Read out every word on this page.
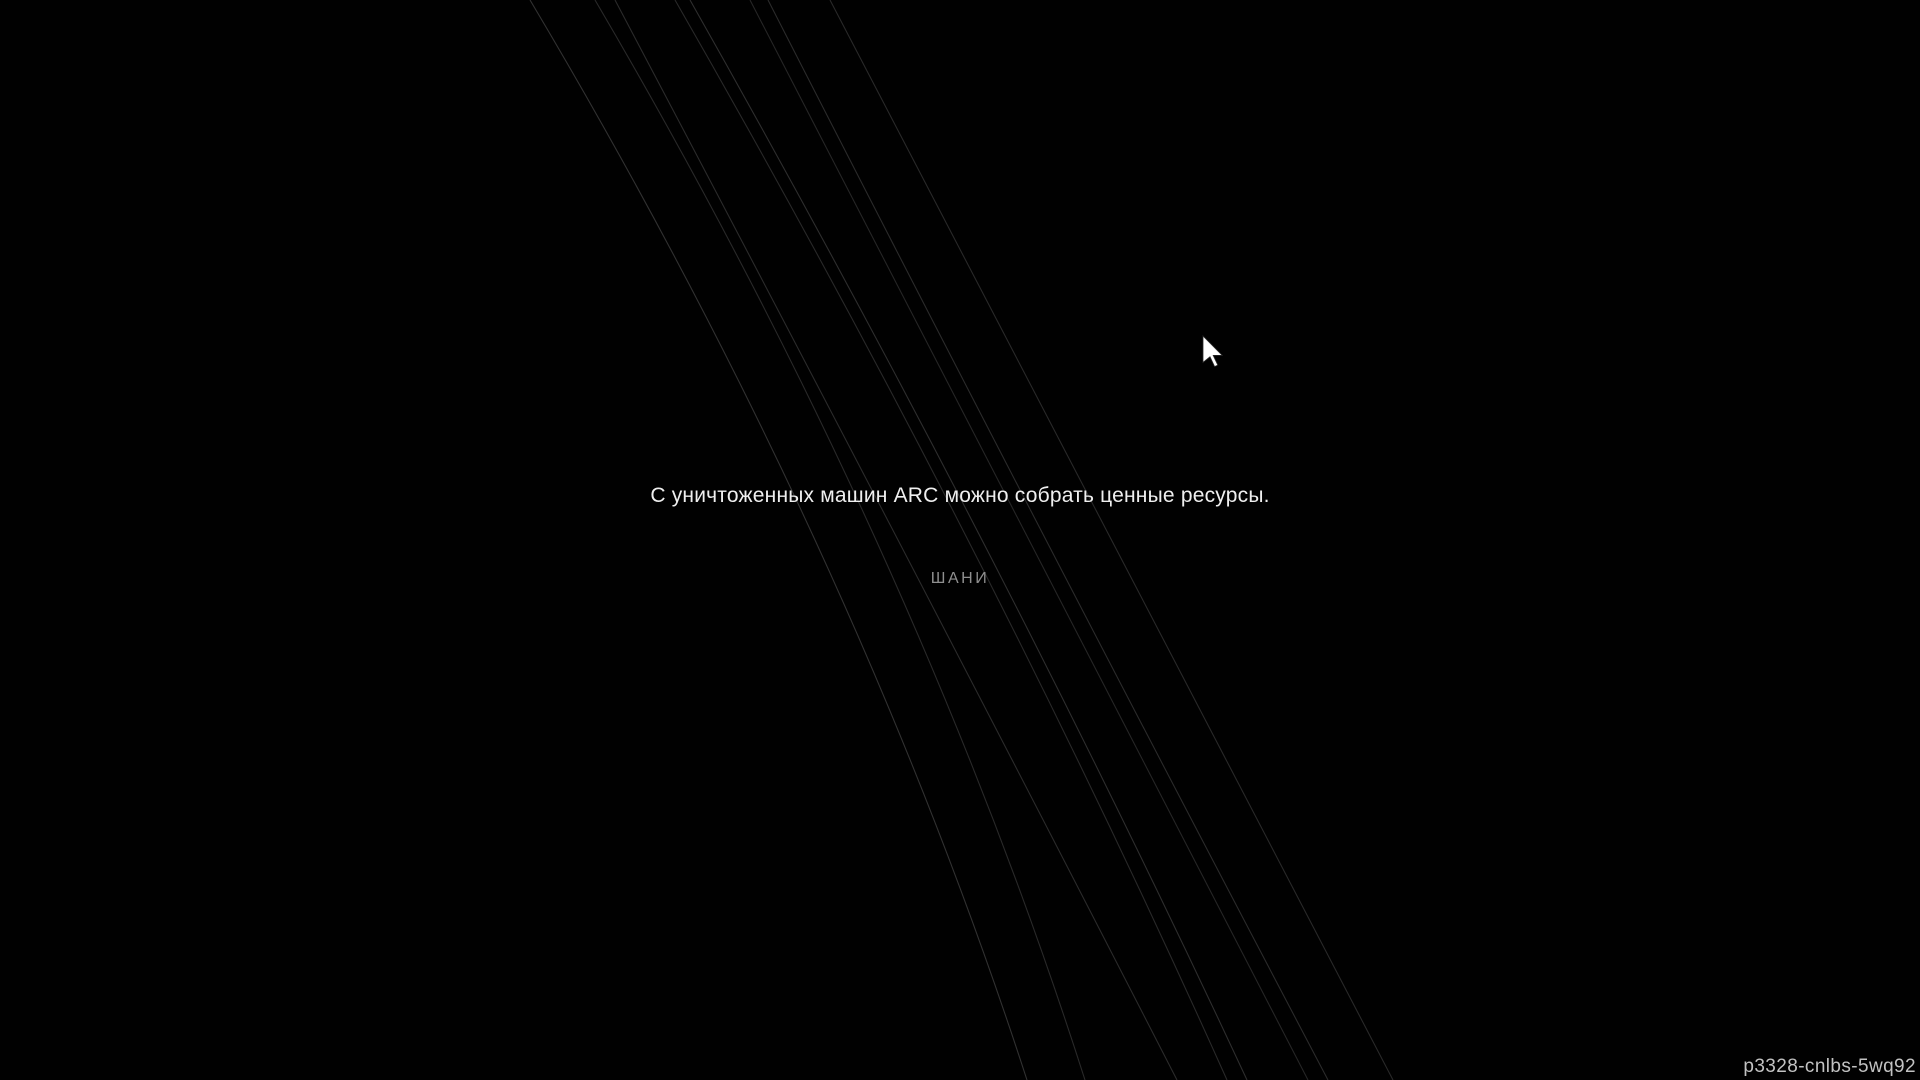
С уничтоженных машин ARC можно собрать ценные ресурсы.
ШАНИ
p3328-cnlbs-5wq92
